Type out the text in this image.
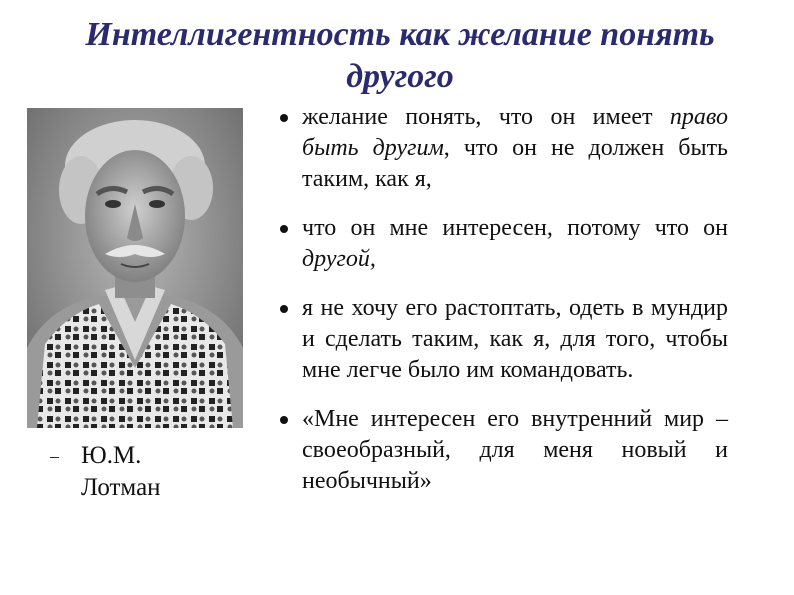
Интеллигентность как желание понять другого
– Ю.М.
Лотман
желание понять, что он имеет право быть другим, что он не должен быть таким, как я,
что он мне интересен, потому что он другой,
я не хочу его растоптать, одеть в мундир и сделать таким, как я, для того, чтобы мне легче было им командовать.
«Мне интересен его внутренний мир – своеобразный, для меня новый и необычный»
